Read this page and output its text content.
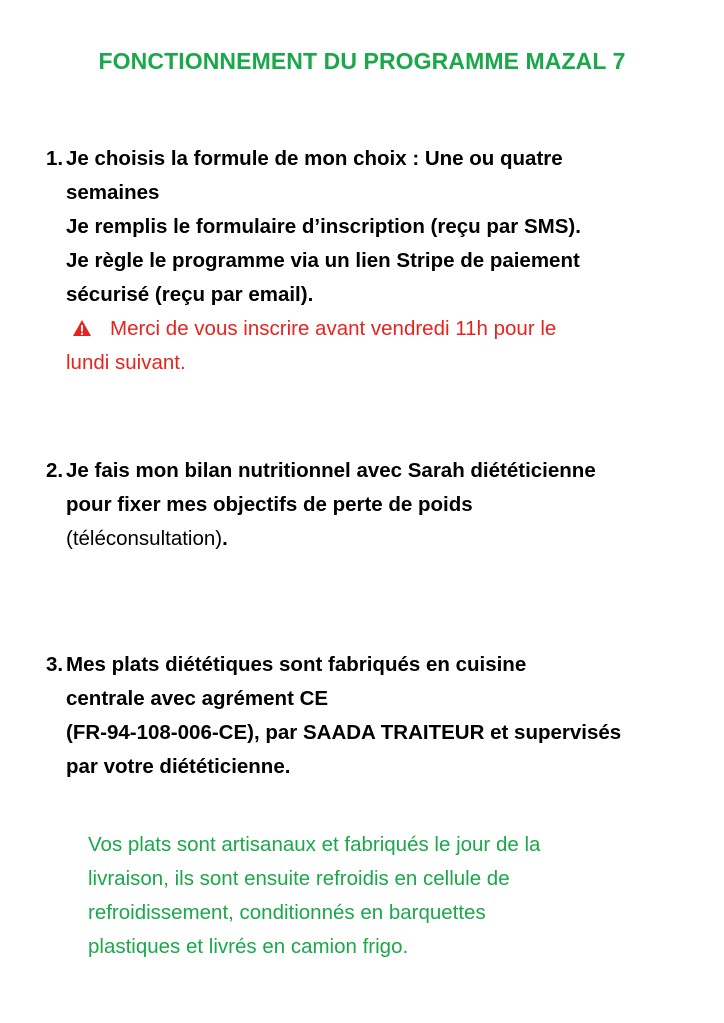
FONCTIONNEMENT DU PROGRAMME MAZAL 7
1. Je choisis la formule de mon choix : Une ou quatre
semaines
Je remplis le formulaire d’inscription (reçu par SMS).
Je règle le programme via un lien Stripe de paiement
sécurisé (reçu par email).
Merci de vous inscrire avant vendredi 11h pour le
lundi suivant.
2. Je fais mon bilan nutritionnel avec Sarah diététicienne
pour fixer mes objectifs de perte de poids
(téléconsultation).
3. Mes plats diététiques sont fabriqués en cuisine
centrale avec agrément CE
(FR-94-108-006-CE), par SAADA TRAITEUR et supervisés
par votre diététicienne.
Vos plats sont artisanaux et fabriqués le jour de la
livraison, ils sont ensuite refroidis en cellule de
refroidissement, conditionnés en barquettes
plastiques et livrés en camion frigo.
